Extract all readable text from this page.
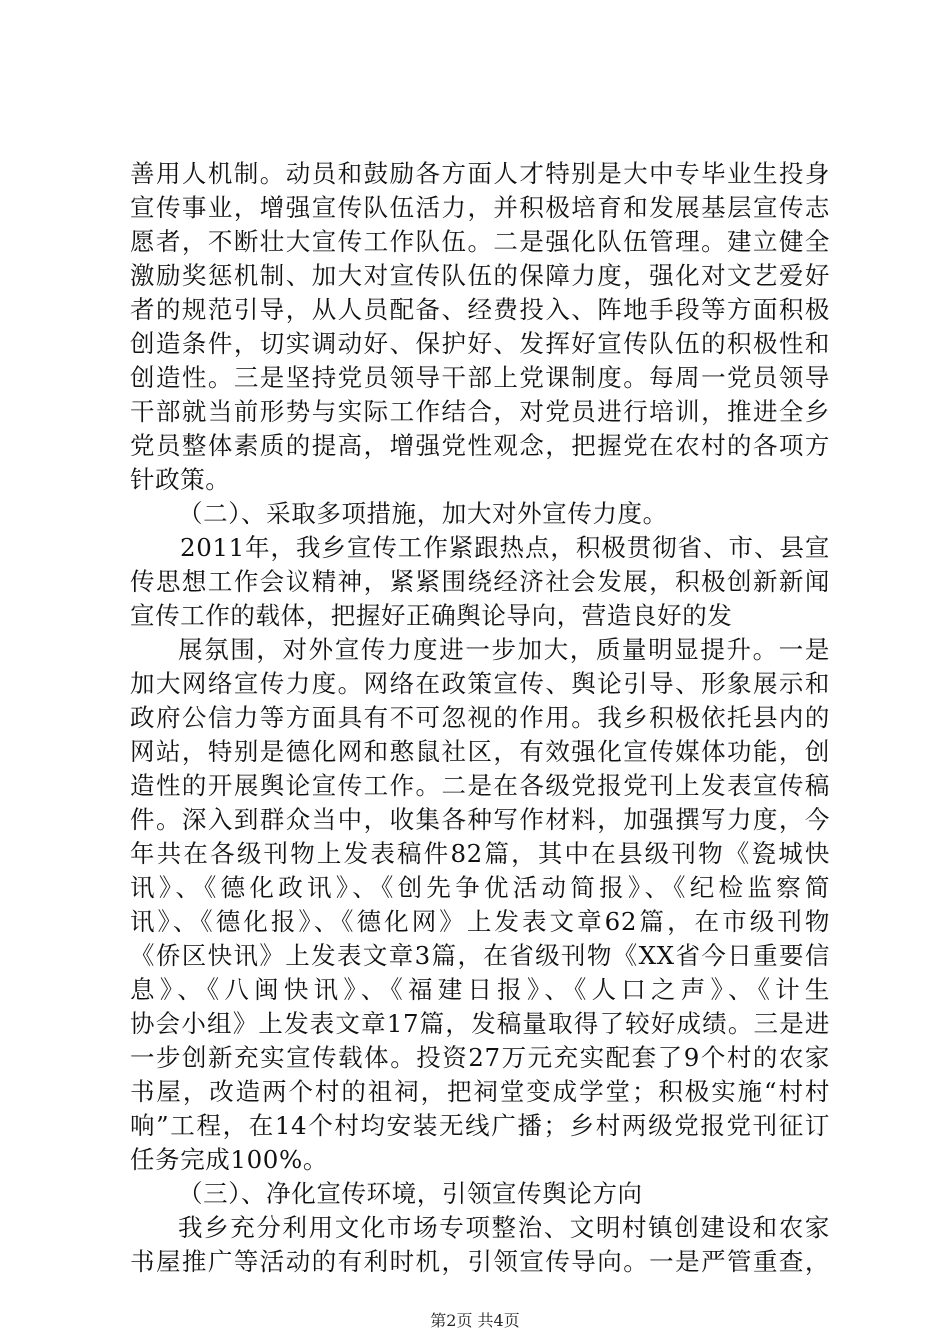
善用人机制。动员和鼓励各方面人才特别是大中专毕业生投身
宣传事业，增强宣传队伍活力，并积极培育和发展基层宣传志
愿者，不断壮大宣传工作队伍。二是强化队伍管理。建立健全
激励奖惩机制、加大对宣传队伍的保障力度，强化对文艺爱好
者的规范引导，从人员配备、经费投入、阵地手段等方面积极
创造条件，切实调动好、保护好、发挥好宣传队伍的积极性和
创造性。三是坚持党员领导干部上党课制度。每周一党员领导
干部就当前形势与实际工作结合，对党员进行培训，推进全乡
党员整体素质的提高，增强党性观念，把握党在农村的各项方
针政策。
（二）、采取多项措施，加大对外宣传力度。
2011年，我乡宣传工作紧跟热点，积极贯彻省、市、县宣
传思想工作会议精神，紧紧围绕经济社会发展，积极创新新闻
宣传工作的载体，把握好正确舆论导向，营造良好的发
展氛围，对外宣传力度进一步加大，质量明显提升。一是
加大网络宣传力度。网络在政策宣传、舆论引导、形象展示和
政府公信力等方面具有不可忽视的作用。我乡积极依托县内的
网站，特别是德化网和憨鼠社区，有效强化宣传媒体功能，创
造性的开展舆论宣传工作。二是在各级党报党刊上发表宣传稿
件。深入到群众当中，收集各种写作材料，加强撰写力度，今
年共在各级刊物上发表稿件82篇，其中在县级刊物《瓷城快
讯》、《德化政讯》、《创先争优活动简报》、《纪检监察简
讯》、《德化报》、《德化网》上发表文章62篇，在市级刊物
《侨区快讯》上发表文章3篇，在省级刊物《XX省今日重要信
息》、《八闽快讯》、《福建日报》、《人口之声》、《计生
协会小组》上发表文章17篇，发稿量取得了较好成绩。三是进
一步创新充实宣传载体。投资27万元充实配套了9个村的农家
书屋，改造两个村的祖祠，把祠堂变成学堂；积极实施“村村
响”工程，在14个村均安装无线广播；乡村两级党报党刊征订
任务完成100%。
（三）、净化宣传环境，引领宣传舆论方向
我乡充分利用文化市场专项整治、文明村镇创建设和农家
书屋推广等活动的有利时机，引领宣传导向。一是严管重查，
第2页 共4页
